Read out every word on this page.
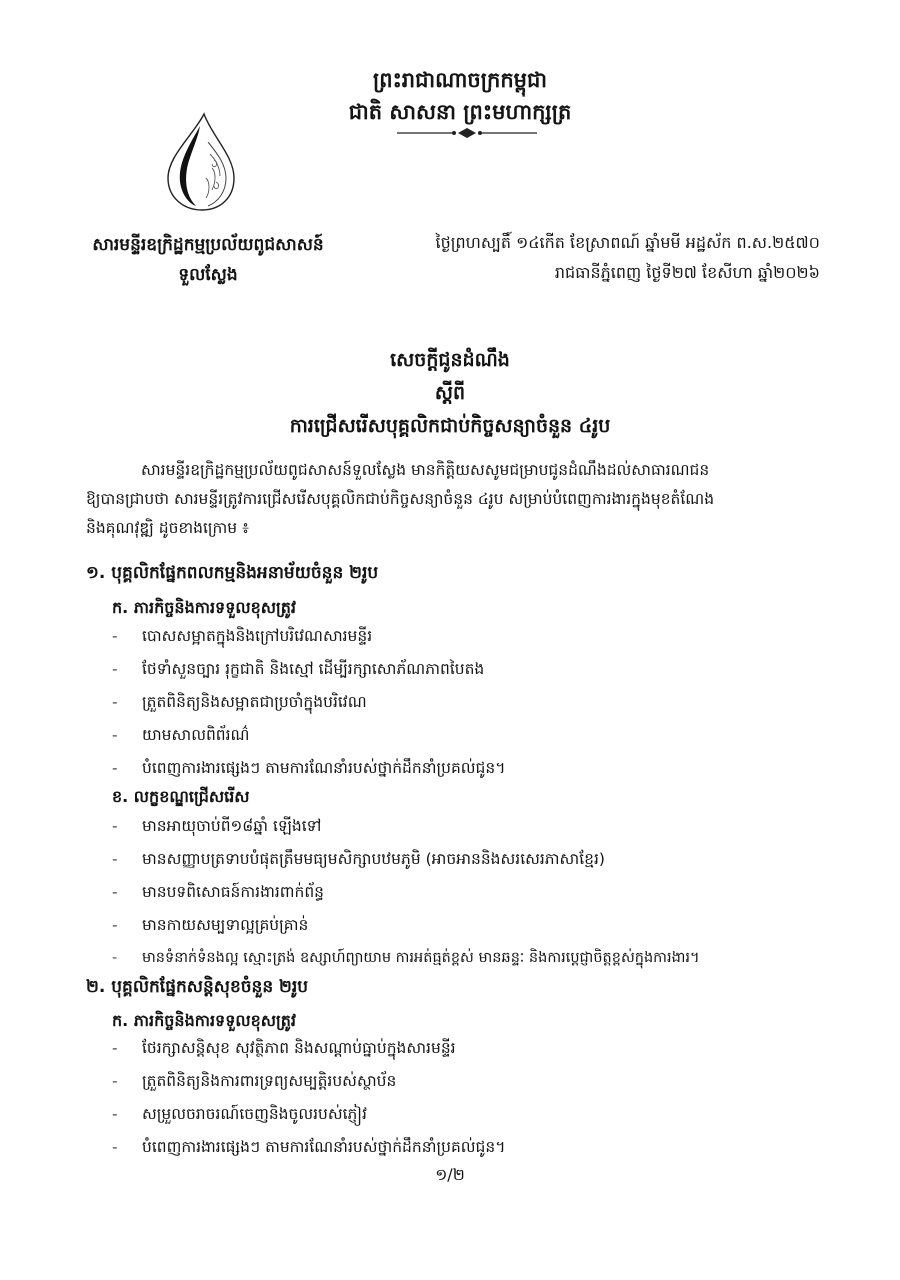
ព្រះរាជាណាចក្រកម្ពុជា
ជាតិ សាសនា ព្រះមហាក្សត្រ
សារមន្ទីរឧក្រិដ្ឋកម្មប្រល័យពូជសាសន៍
ទួលស្លែង
ថ្ងៃព្រហស្បតិ៍ ១៤កើត ខែស្រាពណ៍ ឆ្នាំមមី អដ្ឋស័ក ព.ស.២៥៧០
រាជធានីភ្នំពេញ ថ្ងៃទី២៧ ខែសីហា ឆ្នាំ២០២៦
សេចក្តីជូនដំណឹង
ស្តីពី
ការជ្រើសរើសបុគ្គលិកជាប់កិច្ចសន្យាចំនួន ៤រូប
សារមន្ទីរឧក្រិដ្ឋកម្មប្រល័យពូជសាសន៍ទួលស្លែង មានកិត្តិយសសូមជម្រាបជូនដំណឹងដល់សាធារណជន
ឱ្យបានជ្រាបថា សារមន្ទីរត្រូវការជ្រើសរើសបុគ្គលិកជាប់កិច្ចសន្យាចំនួន ៤រូប សម្រាប់បំពេញការងារក្នុងមុខតំណែង
និងគុណវុឌ្ឍិ ដូចខាងក្រោម ៖
១. បុគ្គលិកផ្នែកពលកម្មនិងអនាម័យចំនួន ២រូប
ក. ភារកិច្ចនិងការទទួលខុសត្រូវ
- បោសសម្អាតក្នុងនិងក្រៅបរិវេណសារមន្ទីរ
- ថែទាំសួនច្បារ រុក្ខជាតិ និងស្មៅ ដើម្បីរក្សាសោភ័ណភាពបៃតង
- ត្រួតពិនិត្យនិងសម្អាតជាប្រចាំក្នុងបរិវេណ
- យាមសាលពិព័រណ៌
- បំពេញការងារផ្សេងៗ តាមការណែនាំរបស់ថ្នាក់ដឹកនាំប្រគល់ជូន។
ខ. លក្ខខណ្ឌជ្រើសរើស
- មានអាយុចាប់ពី១៨ឆ្នាំ ឡើងទៅ
- មានសញ្ញាបត្រទាបបំផុតត្រឹមមធ្យមសិក្សាបឋមភូមិ (អាចអាននិងសរសេរភាសាខ្មែរ)
- មានបទពិសោធន៍ការងារពាក់ព័ន្ធ
- មានកាយសម្បទាល្អគ្រប់គ្រាន់
- មានទំនាក់ទំនងល្អ ស្មោះត្រង់ ឧស្សាហ៍ព្យាយាម ការអត់ធ្មត់ខ្ពស់ មានឆន្ទៈ និងការប្តេជ្ញាចិត្តខ្ពស់ក្នុងការងារ។
២. បុគ្គលិកផ្នែកសន្តិសុខចំនួន ២រូប
ក. ភារកិច្ចនិងការទទួលខុសត្រូវ
- ថែរក្សាសន្តិសុខ សុវត្ថិភាព និងសណ្តាប់ធ្នាប់ក្នុងសារមន្ទីរ
- ត្រួតពិនិត្យនិងការពារទ្រព្យសម្បត្តិរបស់ស្ថាប័ន
- សម្រួលចរាចរណ៍ចេញនិងចូលរបស់ភ្ញៀវ
- បំពេញការងារផ្សេងៗ តាមការណែនាំរបស់ថ្នាក់ដឹកនាំប្រគល់ជូន។
១/២
